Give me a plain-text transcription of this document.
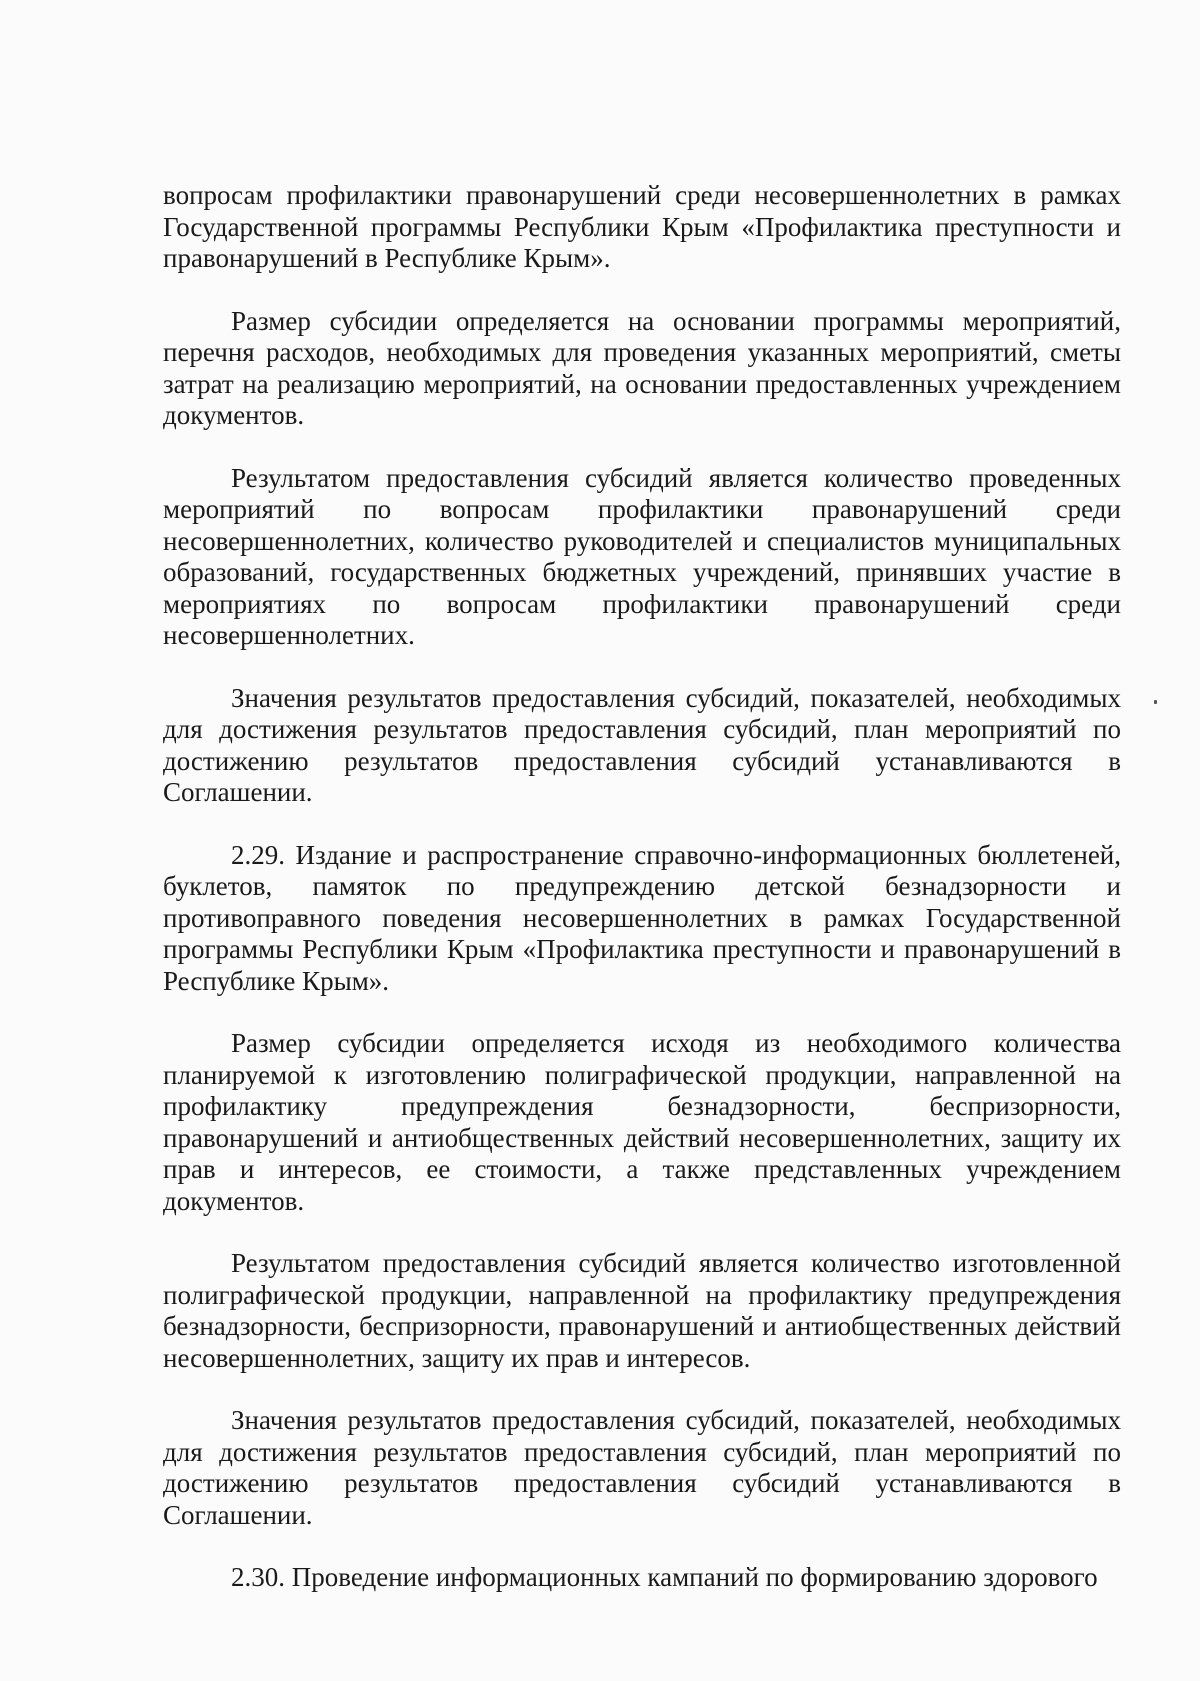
вопросам профилактики правонарушений среди несовершеннолетних в рамках Государственной программы Республики Крым «Профилактика преступности и правонарушений в Республике Крым».

Размер субсидии определяется на основании программы мероприятий, перечня расходов, необходимых для проведения указанных мероприятий, сметы затрат на реализацию мероприятий, на основании предоставленных учреждением документов.

Результатом предоставления субсидий является количество проведенных мероприятий по вопросам профилактики правонарушений среди несовершеннолетних, количество руководителей и специалистов муниципальных образований, государственных бюджетных учреждений, принявших участие в мероприятиях по вопросам профилактики правонарушений среди несовершеннолетних.

Значения результатов предоставления субсидий, показателей, необходимых для достижения результатов предоставления субсидий, план мероприятий по достижению результатов предоставления субсидий устанавливаются в Соглашении.

2.29. Издание и распространение справочно-информационных бюллетеней, буклетов, памяток по предупреждению детской безнадзорности и противоправного поведения несовершеннолетних в рамках Государственной программы Республики Крым «Профилактика преступности и правонарушений в Республике Крым».

Размер субсидии определяется исходя из необходимого количества планируемой к изготовлению полиграфической продукции, направленной на профилактику предупреждения безнадзорности, беспризорности, правонарушений и антиобщественных действий несовершеннолетних, защиту их прав и интересов, ее стоимости, а также представленных учреждением документов.

Результатом предоставления субсидий является количество изготовленной полиграфической продукции, направленной на профилактику предупреждения безнадзорности, беспризорности, правонарушений и антиобщественных действий несовершеннолетних, защиту их прав и интересов.

Значения результатов предоставления субсидий, показателей, необходимых для достижения результатов предоставления субсидий, план мероприятий по достижению результатов предоставления субсидий устанавливаются в Соглашении.

2.30. Проведение информационных кампаний по формированию здорового
